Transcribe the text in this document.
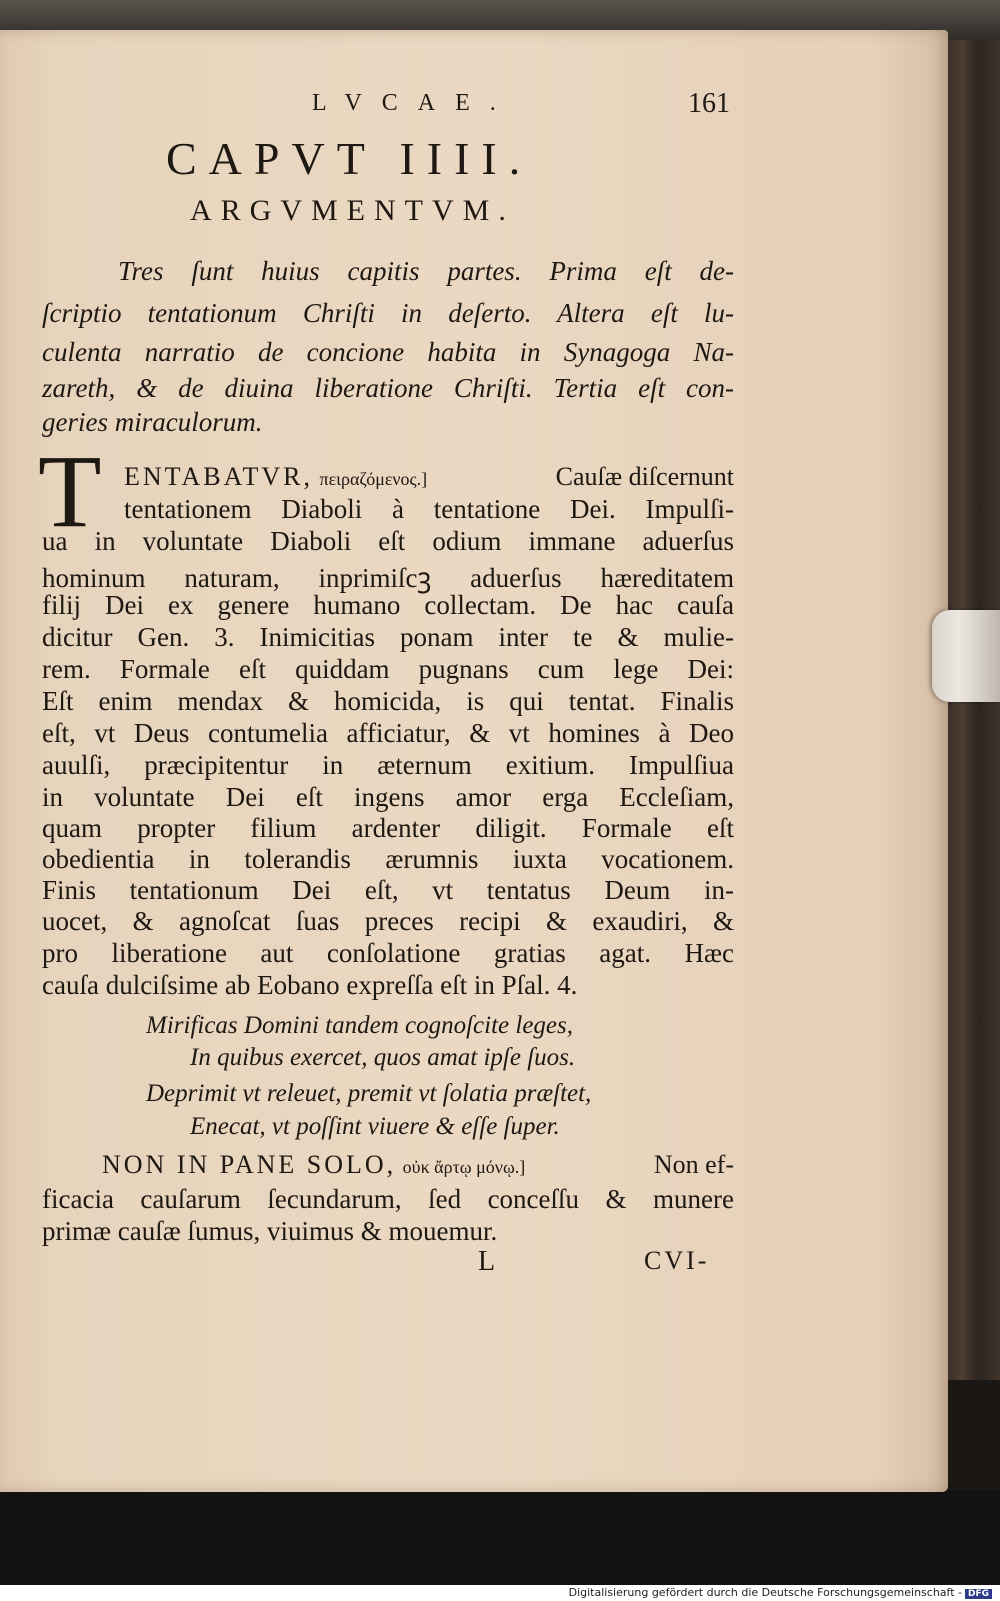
LVCAE.	161
CAPVT IIII.
ARGVMENTVM.
Tres ſunt huius capitis partes. Prima eſt de-
ſcriptio tentationum Chriſti in deſerto. Altera eſt lu-
culenta narratio de concione habita in Synagoga Na-
zareth, & de diuina liberatione Chriſti. Tertia eſt con-
geries miraculorum.
T ENTABATVR, πειραζόμενος.]	Cauſæ diſcernunt
tentationem Diaboli à tentatione Dei. Impulſi-
ua in voluntate Diaboli eſt odium immane aduerſus
hominum naturam, inprimiſcꝫ aduerſus hæreditatem
filij Dei ex genere humano collectam. De hac cauſa
dicitur Gen. 3. Inimicitias ponam inter te & mulie-
rem. Formale eſt quiddam pugnans cum lege Dei:
Eſt enim mendax & homicida, is qui tentat. Finalis
eſt, vt Deus contumelia afficiatur, & vt homines à Deo
auulſi, præcipitentur in æternum exitium. Impulſiua
in voluntate Dei eſt ingens amor erga Eccleſiam,
quam propter filium ardenter diligit. Formale eſt
obedientia in tolerandis ærumnis iuxta vocationem.
Finis tentationum Dei eſt, vt tentatus Deum in-
uocet, & agnoſcat ſuas preces recipi & exaudiri, &
pro liberatione aut conſolatione gratias agat. Hæc
cauſa dulciſsime ab Eobano expreſſa eſt in Pſal. 4.
Mirificas Domini tandem cognoſcite leges,
In quibus exercet, quos amat ipſe ſuos.
Deprimit vt releuet, premit vt ſolatia præſtet,
Enecat, vt poſſint viuere & eſſe ſuper.
NON IN PANE SOLO, οὐκ ἄρτῳ μόνῳ.]	Non ef-
ficacia cauſarum ſecundarum, ſed conceſſu & munere
primæ cauſæ ſumus, viuimus & mouemur.
L	CVI-
Digitalisierung gefördert durch die Deutsche Forschungsgemeinschaft - DFG
